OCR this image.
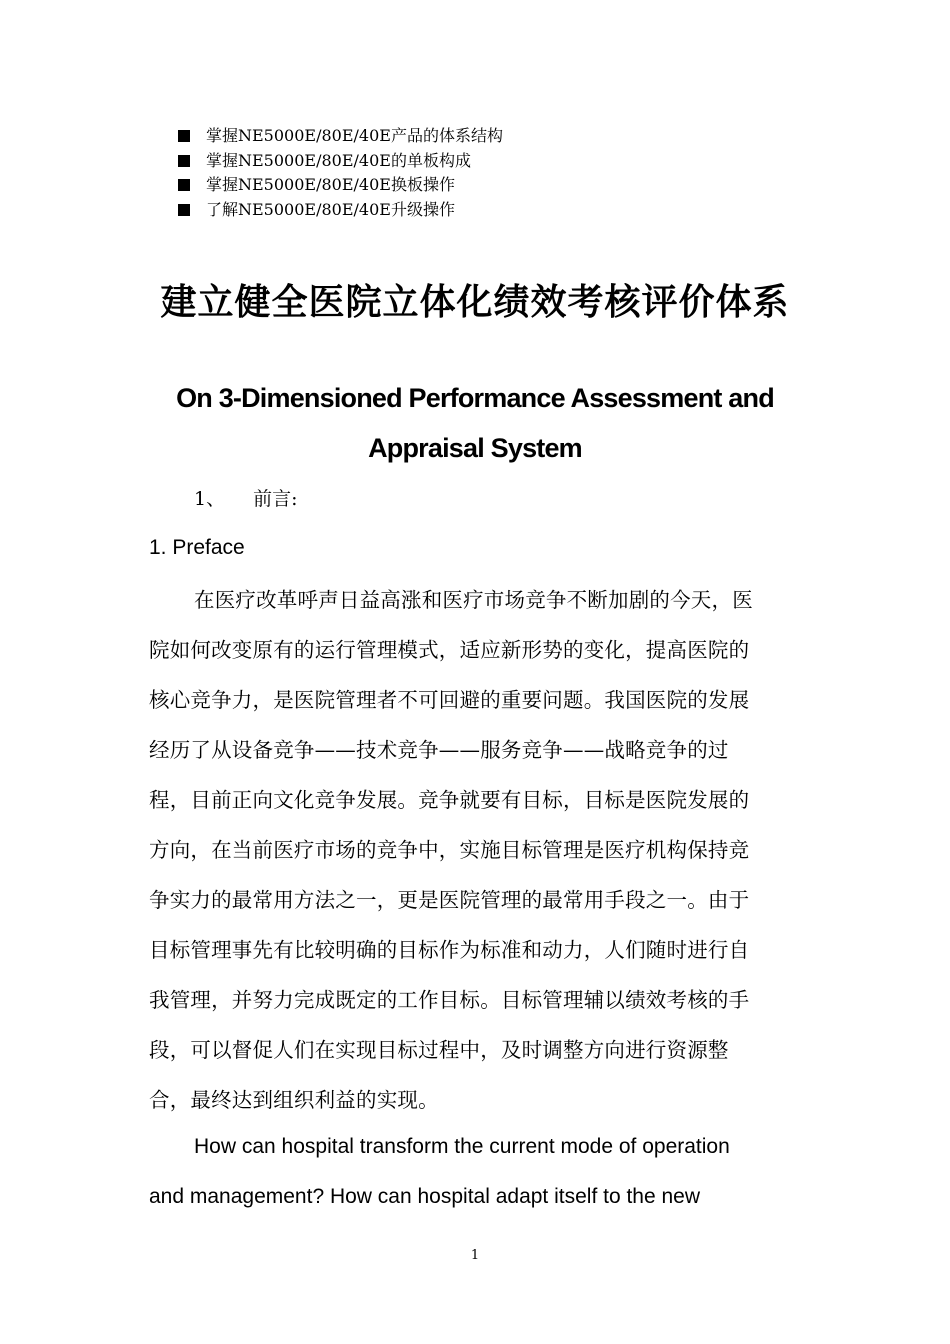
掌握NE5000E/80E/40E产品的体系结构
掌握NE5000E/80E/40E的单板构成
掌握NE5000E/80E/40E换板操作
了解NE5000E/80E/40E升级操作
建立健全医院立体化绩效考核评价体系
On 3-Dimensioned Performance Assessment and Appraisal System
1、 前言:
1. Preface
在医疗改革呼声日益高涨和医疗市场竞争不断加剧的今天，医
院如何改变原有的运行管理模式，适应新形势的变化，提高医院的
核心竞争力，是医院管理者不可回避的重要问题。我国医院的发展
经历了从设备竞争——技术竞争——服务竞争——战略竞争的过
程，目前正向文化竞争发展。竞争就要有目标，目标是医院发展的
方向，在当前医疗市场的竞争中，实施目标管理是医疗机构保持竞
争实力的最常用方法之一，更是医院管理的最常用手段之一。由于
目标管理事先有比较明确的目标作为标准和动力，人们随时进行自
我管理，并努力完成既定的工作目标。目标管理辅以绩效考核的手
段，可以督促人们在实现目标过程中，及时调整方向进行资源整
合，最终达到组织利益的实现。
How can hospital transform the current mode of operation
and management? How can hospital adapt itself to the new
1
